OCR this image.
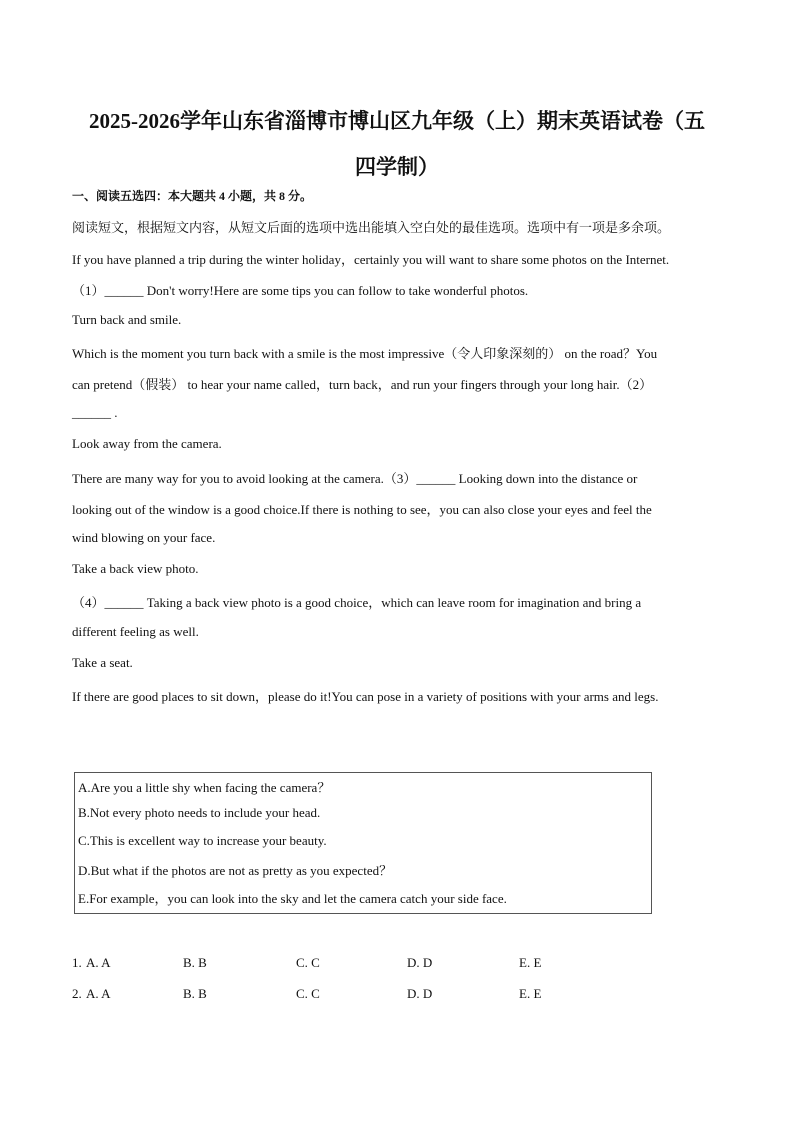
2025-2026学年山东省淄博市博山区九年级（上）期末英语试卷（五
四学制）
一、阅读五选四：本大题共 4 小题，共 8 分。
阅读短文，根据短文内容，从短文后面的选项中选出能填入空白处的最佳选项。选项中有一项是多余项。
If you have planned a trip during the winter holiday，certainly you will want to share some photos on the Internet.
（1）______ Don't worry!Here are some tips you can follow to take wonderful photos.
Turn back and smile.
Which is the moment you turn back with a smile is the most impressive（令人印象深刻的） on the road？You
can pretend（假装） to hear your name called，turn back，and run your fingers through your long hair.（2）
______ .
Look away from the camera.
There are many way for you to avoid looking at the camera.（3）______ Looking down into the distance or
looking out of the window is a good choice.If there is nothing to see，you can also close your eyes and feel the
wind blowing on your face.
Take a back view photo.
（4）______ Taking a back view photo is a good choice，which can leave room for imagination and bring a
different feeling as well.
Take a seat.
If there are good places to sit down，please do it!You can pose in a variety of positions with your arms and legs.
A.Are you a little shy when facing the camera？
B.Not every photo needs to include your head.
C.This is excellent way to increase your beauty.
D.But what if the photos are not as pretty as you expected？
E.For example，you can look into the sky and let the camera catch your side face.
1. A. A	B. B	C. C	D. D	E. E
2. A. A	B. B	C. C	D. D	E. E
